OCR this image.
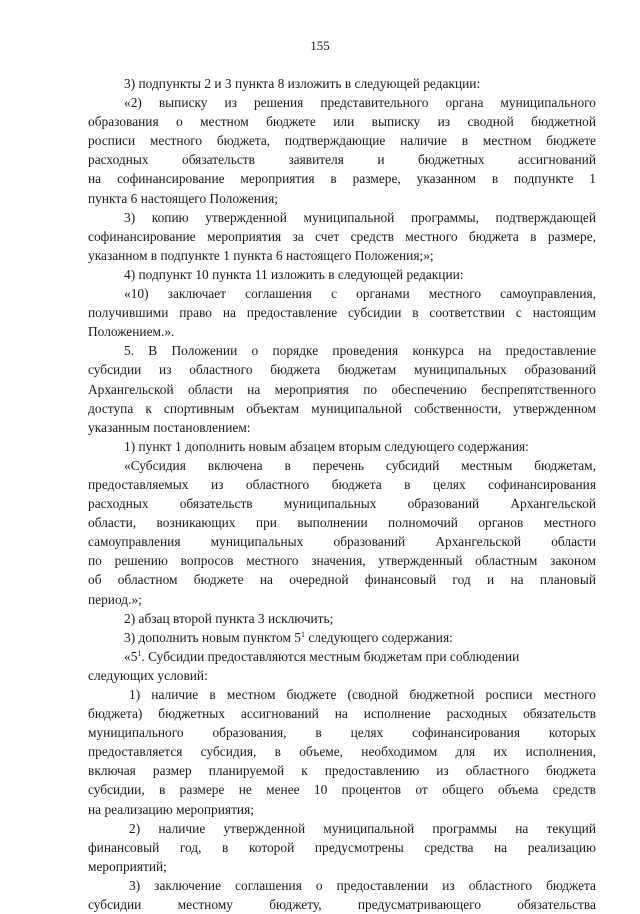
155
3) подпункты 2 и 3 пункта 8 изложить в следующей редакции:
«2) выписку из решения представительного органа муниципального
образования о местном бюджете или выписку из сводной бюджетной
росписи местного бюджета, подтверждающие наличие в местном бюджете
расходных обязательств заявителя и бюджетных ассигнований
на софинансирование мероприятия в размере, указанном в подпункте 1
пункта 6 настоящего Положения;
3) копию утвержденной муниципальной программы, подтверждающей
софинансирование мероприятия за счет средств местного бюджета в размере,
указанном в подпункте 1 пункта 6 настоящего Положения;»;
4) подпункт 10 пункта 11 изложить в следующей редакции:
«10) заключает соглашения с органами местного самоуправления,
получившими право на предоставление субсидии в соответствии с настоящим
Положением.».
5. В Положении о порядке проведения конкурса на предоставление
субсидии из областного бюджета бюджетам муниципальных образований
Архангельской области на мероприятия по обеспечению беспрепятственного
доступа к спортивным объектам муниципальной собственности, утвержденном
указанным постановлением:
1) пункт 1 дополнить новым абзацем вторым следующего содержания:
«Субсидия включена в перечень субсидий местным бюджетам,
предоставляемых из областного бюджета в целях софинансирования
расходных обязательств муниципальных образований Архангельской
области, возникающих при выполнении полномочий органов местного
самоуправления муниципальных образований Архангельской области
по решению вопросов местного значения, утвержденный областным законом
об областном бюджете на очередной финансовый год и на плановый
период.»;
2) абзац второй пункта 3 исключить;
3) дополнить новым пунктом $5^1$ следующего содержания:
«$5^1$. Субсидии предоставляются местным бюджетам при соблюдении
следующих условий:
1) наличие в местном бюджете (сводной бюджетной росписи местного
бюджета) бюджетных ассигнований на исполнение расходных обязательств
муниципального образования, в целях софинансирования которых
предоставляется субсидия, в объеме, необходимом для их исполнения,
включая размер планируемой к предоставлению из областного бюджета
субсидии, в размере не менее 10 процентов от общего объема средств
на реализацию мероприятия;
2) наличие утвержденной муниципальной программы на текущий
финансовый год, в которой предусмотрены средства на реализацию
мероприятий;
3) заключение соглашения о предоставлении из областного бюджета
субсидии местному бюджету, предусматривающего обязательства
